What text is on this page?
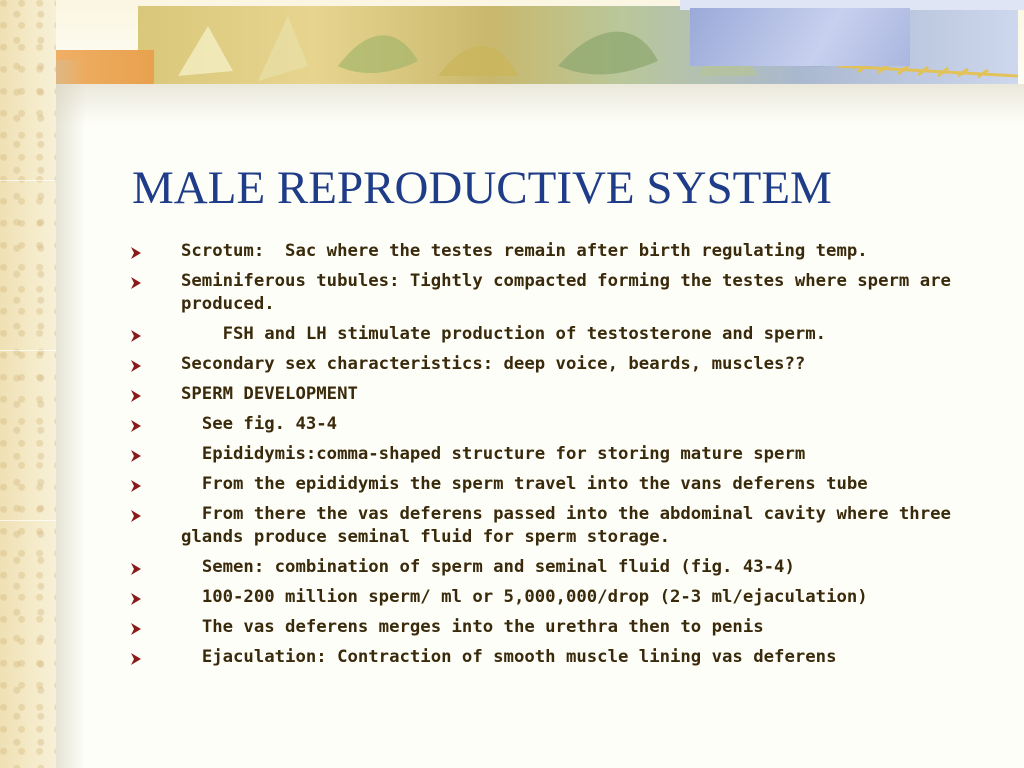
MALE REPRODUCTIVE SYSTEM
Scrotum:  Sac where the testes remain after birth regulating temp.
Seminiferous tubules: Tightly compacted forming the testes where sperm are produced.
FSH and LH stimulate production of testosterone and sperm.
Secondary sex characteristics: deep voice, beards, muscles??
SPERM DEVELOPMENT
See fig. 43-4
Epididymis:comma-shaped structure for storing mature sperm
From the epididymis the sperm travel into the vans deferens tube
From there the vas deferens passed into the abdominal cavity where three glands produce seminal fluid for sperm storage.
Semen: combination of sperm and seminal fluid (fig. 43-4)
100-200 million sperm/ ml or 5,000,000/drop (2-3 ml/ejaculation)
The vas deferens merges into the urethra then to penis
Ejaculation: Contraction of smooth muscle lining vas deferens
